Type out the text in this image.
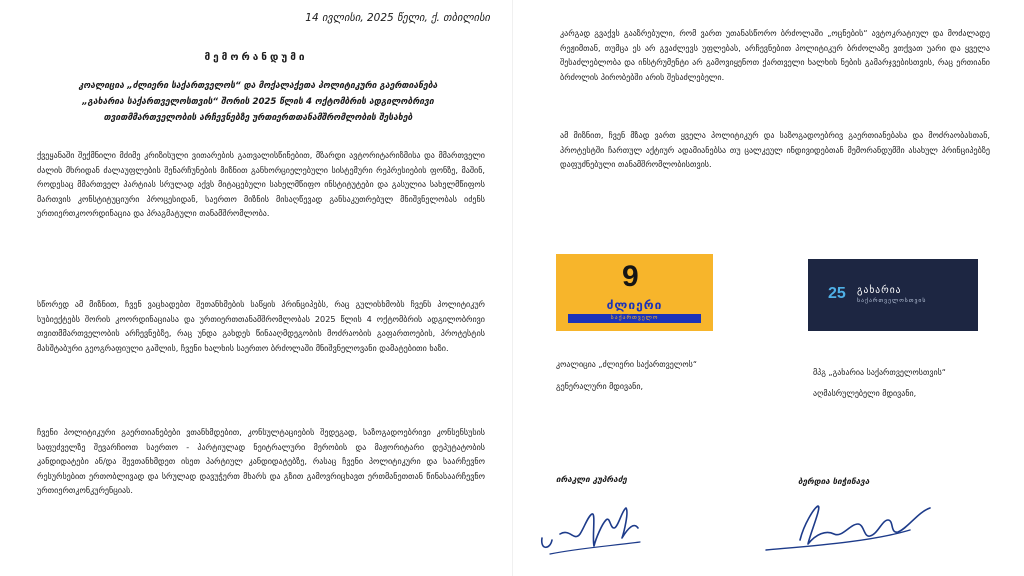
14 ივლისი, 2025 წელი, ქ. თბილისი
მემორანდუმი
კოალიცია „ძლიერი საქართველოს“ და მოქალაქეთა პოლიტიკური გაერთიანება „გახარია საქართველოსთვის“ შორის 2025 წლის 4 ოქტომბრის ადგილობრივი თვითმმართველობის არჩევნებზე ურთიერთთანამშრომლობის შესახებ
ქვეყანაში შექმნილი მძიმე კრიზისული ვითარების გათვალისწინებით, მზარდი ავტორიტარიზმისა და მმართველი ძალის მხრიდან ძალაუფლების შენარჩუნების მიზნით განხორციელებული სისტემური რეპრესიების ფონზე, მაშინ, როდესაც მმართველ პარტიას სრულად აქვს მიტაცებული სახელმწიფო ინსტიტუტები და გასულია სახელმწიფოს მართვის კონსტიტუციური პროცესიდან, საერთო მიზნის მისაღწევად განსაკუთრებულ მნიშვნელობას იძენს ურთიერთკოორდინაცია და პრაგმატული თანამშრომლობა.
სწორედ ამ მიზნით, ჩვენ ვაცხადებთ შეთანხმების საწყის პრინციპებს, რაც გულისხმობს ჩვენს პოლიტიკურ სუბიექტებს შორის კოორდინაციასა და ურთიერთთანამშრომლობას 2025 წლის 4 ოქტომბრის ადგილობრივი თვითმმართველობის არჩევნებზე, რაც უნდა გახდეს წინააღმდეგობის მოძრაობის გაფართოების, პროტესტის მასშტაბური გეოგრაფიული გაშლის, ჩვენი ხალხის საერთო ბრძოლაში მნიშვნელოვანი დამატებითი ხაზი.
ჩვენი პოლიტიკური გაერთიანებები ვთანხმდებით, კონსულტაციების შედეგად, საზოგადოებრივი კონსენსუსის საფუძველზე შევარჩიოთ საერთო - პარტიულად ნეიტრალური მერობის და მაჟორიტარი დეპუტატობის კანდიდატები ან/და შევთანხმდეთ ისეთ პარტიულ კანდიდატებზე, რასაც ჩვენი პოლიტიკური და საარჩევნო რესურსებით ერთობლივად და სრულად დავუჭერთ მხარს და გზით გამოვრიცხავთ ერთმანეთთან წინასაარჩევნო ურთიერთკონკურენციას.
კარგად გვაქვს გააზრებული, რომ ვართ უთანასწორო ბრძოლაში „ოცნების“ ავტოკრატიულ და მოძალადე რეჟიმთან, თუმცა ეს არ გვაძლევს უფლებას, არჩევნებით პოლიტიკურ ბრძოლაზე ვთქვათ უარი და ყველა შესაძლებლობა და ინსტრუმენტი არ გამოვიყენოთ ქართველი ხალხის ნების გამარჯვებისთვის, რაც ერთიანი ბრძოლის პირობებში არის შესაძლებელი.
ამ მიზნით, ჩვენ მზად ვართ ყველა პოლიტიკურ და საზოგადოებრივ გაერთიანებასა და მოძრაობასთან, პროტესტში ჩართულ აქტიურ ადამიანებსა თუ ცალკეულ ინდივიდებთან მემორანდუმში ასახულ პრინციპებზე დაფუძნებული თანამშრომლობისთვის.
9
ძლიერი
საქართველო
25 გახარია
საქართველოსთვის
კოალიცია „ძლიერი საქართველოს“
გენერალური მდივანი,
მპგ „გახარია საქართველოსთვის“
აღმასრულებელი მდივანი,
ირაკლი კუპრაძე	ბერდია სიჭინავა
